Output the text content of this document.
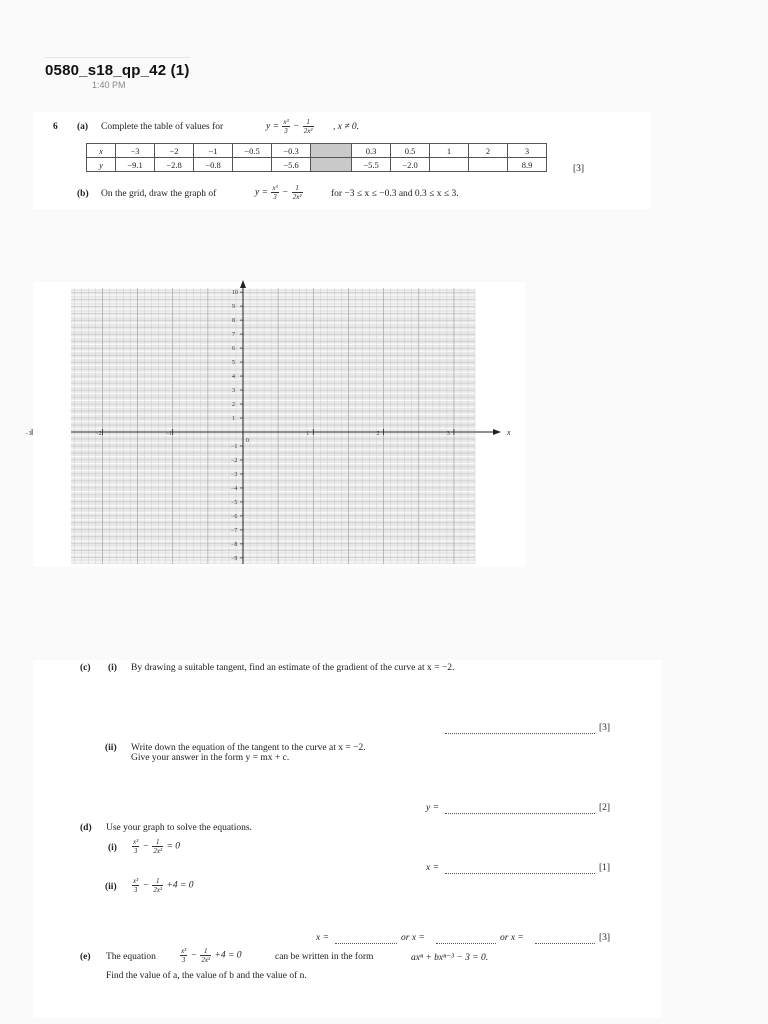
0580_s18_qp_42 (1)
1:40 PM
6 (a) Complete the table of values for	$y = \frac{\text{x³}}{3} - \frac{1}{\text{2x²}}$ , x ≠ 0.
x	−3	−2	−1	−0.5	−0.3		0.3	0.5	1	2	3
y	−9.1	−2.8	−0.8		−5.6		−5.5	−2.0			8.9	[3]
(b) On the grid, draw the graph of	$y = \frac{\text{x³}}{3} - \frac{1}{\text{2x²}}$	for −3 ≤ x ≤ −0.3 and 0.3 ≤ x ≤ 3.
x
−3	−2	−1
0
1	2	3
10
9
8
7
6
5
4
3
2
1
−1
−2
−3
−4
−5
−6
−7
−8
−9
(c) (i) By drawing a suitable tangent, find an estimate of the gradient of the curve at x = −2.
[3]
(ii) Write down the equation of the tangent to the curve at x = −2.
Give your answer in the form y = mx + c.
y =	[2]
(d) Use your graph to solve the equations.
$(i) \frac{\text{x³}}{3} - \frac{1}{\text{2x²}} = 0$
x =	[1]
$(ii) \frac{\text{x³}}{3} - \frac{1}{\text{2x²}} +4 = 0$
x =	or x =	or x =	[3]
(e) The equation	$\frac{\text{x³}}{3} - \frac{1}{\text{2x²}} +4 = 0$	can be written in the form	axⁿ + bxⁿ⁻³ − 3 = 0.
Find the value of a, the value of b and the value of n.
